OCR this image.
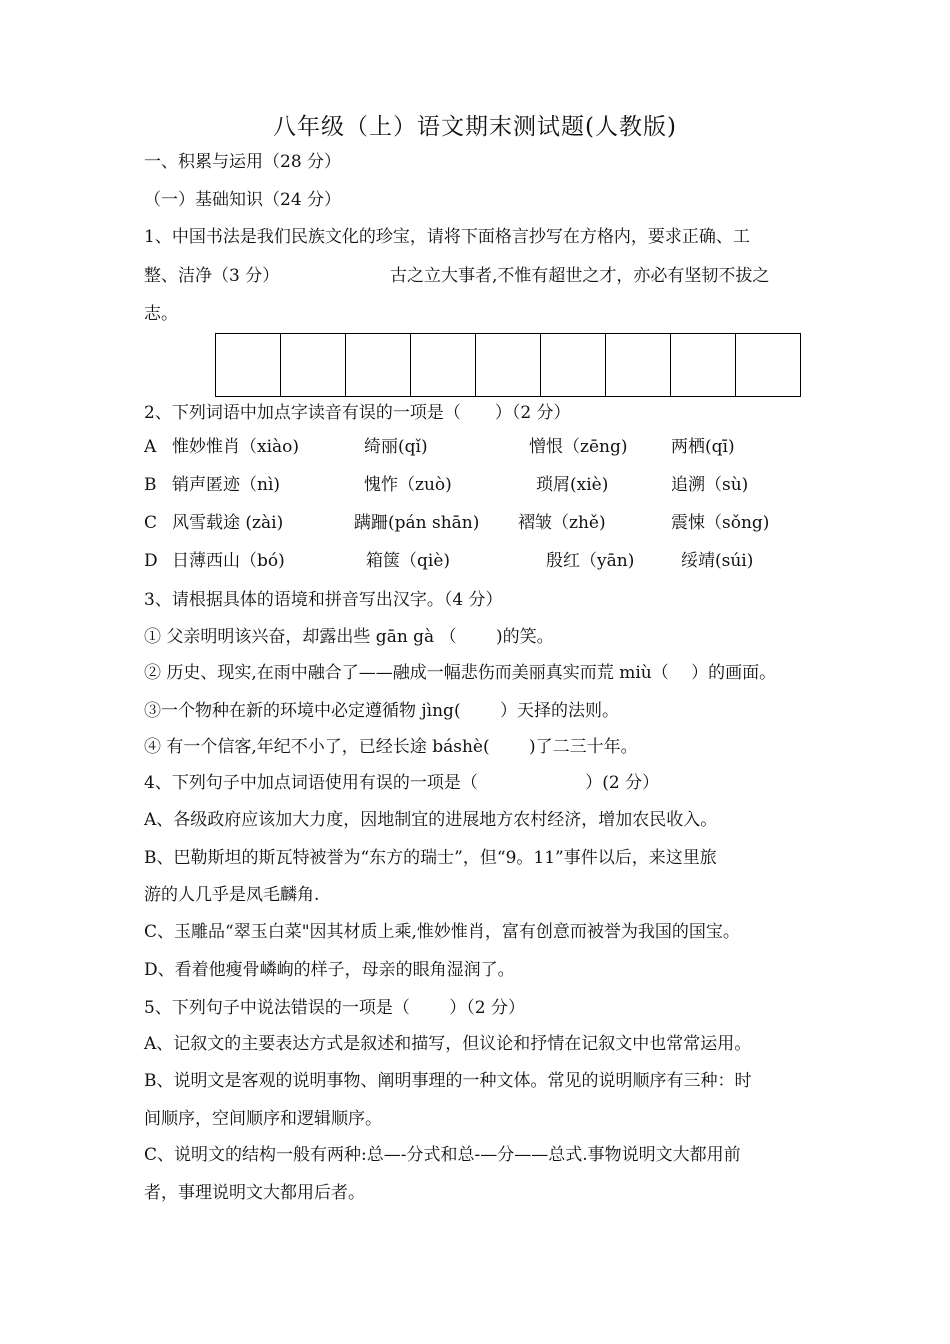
八年级（上）语文期末测试题(人教版)
一、积累与运用（28 分）
（一）基础知识（24 分）
1、中国书法是我们民族文化的珍宝，请将下面格言抄写在方格内，要求正确、工
整、洁净（3 分）	古之立大事者,不惟有超世之才，亦必有坚韧不拔之
志。
2、下列词语中加点字读音有误的一项是（　　）（2 分）
A 惟妙惟肖（xiào)	绮丽(qǐ)	憎恨（zēng)	两栖(qī)
B 销声匿迹（nì)	愧怍（zuò)	琐屑(xiè)	追溯（sù)
C 风雪载途 (zài)	蹒跚(pán shān) 褶皱（zhě)	震悚（sǒng)
D 日薄西山（bó)	箱箧（qiè)	殷红（yān)	绥靖(súi)
3、请根据具体的语境和拼音写出汉字。（4 分）
① 父亲明明该兴奋，却露出些 gān gà （　　 )的笑。
② 历史、现实,在雨中融合了——融成一幅悲伤而美丽真实而荒 miù（　 ）的画面。
③一个物种在新的环境中必定遵循物 jìng(　　 ）天择的法则。
④ 有一个信客,年纪不小了，已经长途 báshè(　　 )了二三十年。
4、下列句子中加点词语使用有误的一项是（　　　　　　 ）(2 分）
A、各级政府应该加大力度，因地制宜的进展地方农村经济，增加农民收入。
B、巴勒斯坦的斯瓦特被誉为“东方的瑞士”，但“9。11”事件以后，来这里旅
游的人几乎是凤毛麟角.
C、玉雕品“翠玉白菜"因其材质上乘,惟妙惟肖，富有创意而被誉为我国的国宝。
D、看着他瘦骨嶙峋的样子，母亲的眼角湿润了。
5、下列句子中说法错误的一项是（　　 ）（2 分）
A、记叙文的主要表达方式是叙述和描写，但议论和抒情在记叙文中也常常运用。
B、说明文是客观的说明事物、阐明事理的一种文体。常见的说明顺序有三种：时
间顺序，空间顺序和逻辑顺序。
C、说明文的结构一般有两种:总—-分式和总-—分——总式.事物说明文大都用前
者，事理说明文大都用后者。
